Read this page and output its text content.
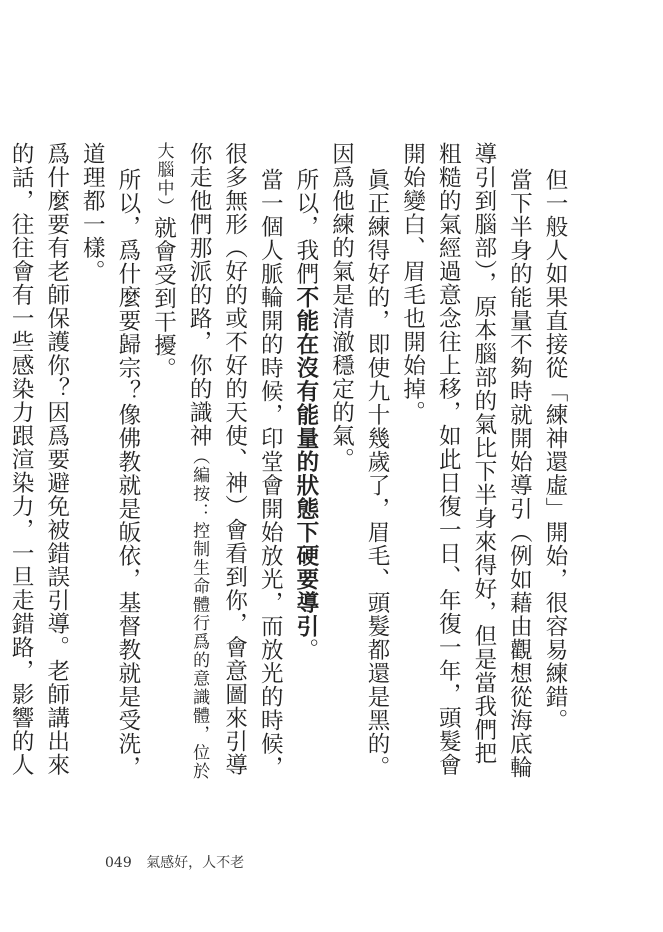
但一般人如果直接從「練神還虛」開始，很容易練錯。

當下半身的能量不夠時就開始導引（例如藉由觀想從海底輪導引到腦部），原本腦部的氣比下半身來得好，但是當我們把粗糙的氣經過意念往上移，如此日復一日、年復一年，頭髮會開始變白、眉毛也開始掉。

眞正練得好的，即使九十幾歲了，眉毛、頭髮都還是黑的。因爲他練的氣是清澈穩定的氣。

所以，我們不能在沒有能量的狀態下硬要導引。

當一個人脈輪開的時候，印堂會開始放光，而放光的時候，很多無形（好的或不好的天使、神）會看到你，會意圖來引導你走他們那派的路，你的識神（編按：控制生命體行爲的意識體，位於大腦中）就會受到干擾。

所以，爲什麼要歸宗？像佛教就是皈依，基督教就是受洗，道理都一樣。

爲什麼要有老師保護你？因爲要避免被錯誤引導。老師講出來的話，往往會有一些感染力跟渲染力，一旦走錯路，影響的人

049 氣感好，人不老
